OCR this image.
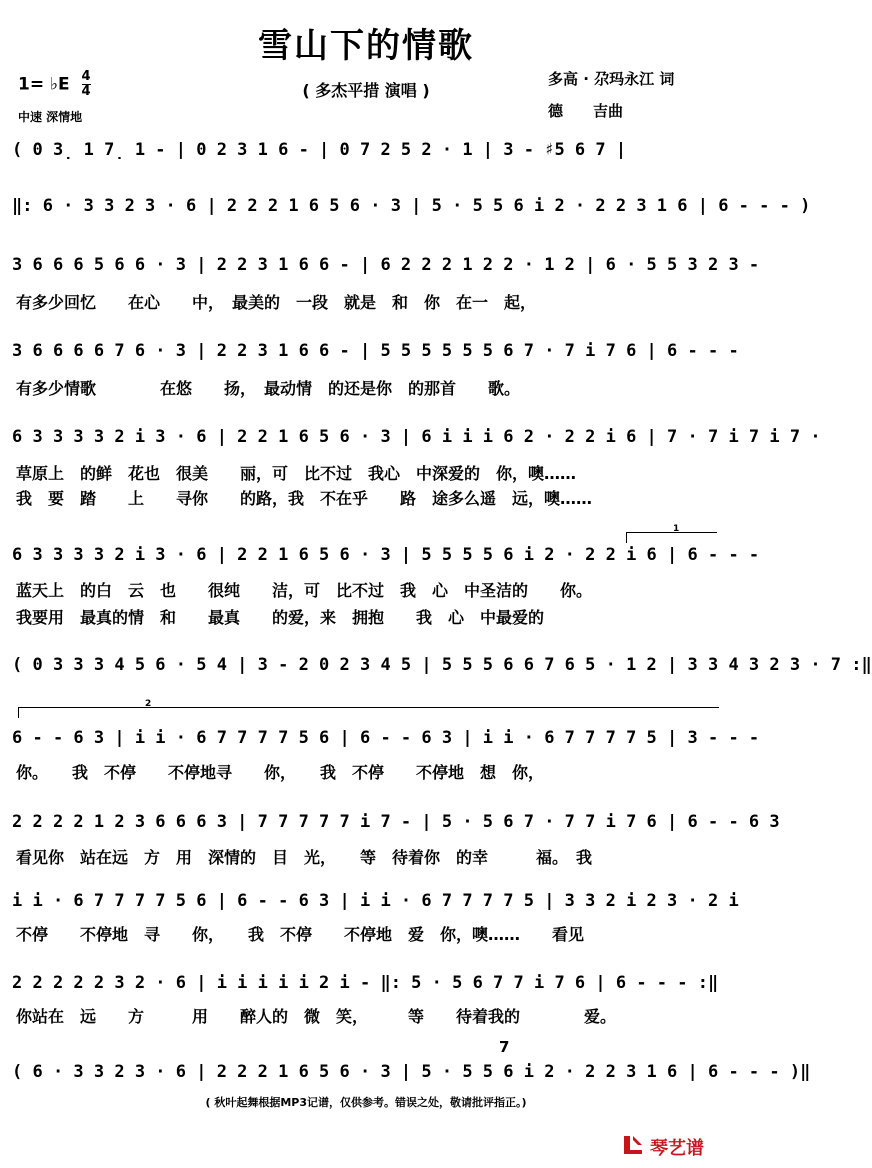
雪山下的情歌
( 多杰平措 演唱 )
1= ♭E $\frac{4}{4}$
中速 深情地
多高 · 尕玛永江 词
德　　吉曲
( 0 3̣ 1 7̣ 1 - | 0 2 3 1 6 - | 0 7 2 5 2 · 1 | 3 - ♯5 6 7 |
‖: 6 · 3 3 2 3 · 6 | 2 2 2 1 6 5 6 · 3 | 5 · 5 5 6 i 2 · 2 2 3 1 6 | 6 - - - )
3 6 6 6 5 6 6 · 3 | 2 2 3 1 6 6 - | 6 2 2 2 1 2 2 · 1 2 | 6 · 5 5 3 2 3 -
有多少回忆　　在心　　中，　最美的　一段　就是　和　你　在一　起，
3 6 6 6 6 7 6 · 3 | 2 2 3 1 6 6 - | 5 5 5 5 5 5 6 7 · 7 i 7 6 | 6 - - -
有多少情歌　　　　在悠　　扬，　最动情　的还是你　的那首　　歌。
6 3 3 3 3 2 i 3 · 6 | 2 2 1 6 5 6 · 3 | 6 i i i 6 2 · 2 2 i 6 | 7 · 7 i 7 i 7 ·
草原上　的鲜　花也　很美　　丽，可　比不过　我心　中深爱的　你，噢……
我　要　踏　　上　　寻你　　的路，我　不在乎　　路　途多么遥　远，噢……
1
6 3 3 3 3 2 i 3 · 6 | 2 2 1 6 5 6 · 3 | 5 5 5 5 6 i 2 · 2 2 i 6 | 6 - - -
蓝天上　的白　云　也　　很纯　　洁，可　比不过　我　心　中圣洁的　　你。
我要用　最真的情　和　　最真　　的爱，来　拥抱　　我　心　中最爱的
( 0 3 3 3 4 5 6 · 5 4 | 3 - 2 0 2 3 4 5 | 5 5 5 6 6 7 6 5 · 1 2 | 3 3 4 3 2 3 · 7 :‖
2
6 - - 6 3 | i i · 6 7 7 7 7 5 6 | 6 - - 6 3 | i i · 6 7 7 7 7 5 | 3 - - -
你。　　我　不停　　不停地寻　　你，　　我　不停　　不停地　想　你，
2 2 2 2 1 2 3 6 6 6 3 | 7 7 7 7 7 i 7 - | 5 · 5 6 7 · 7 7 i 7 6 | 6 - - 6 3
看见你　站在远　方　用　深情的　目　光，　　等　待着你　的幸　　　福。　我
i i · 6 7 7 7 7 5 6 | 6 - - 6 3 | i i · 6 7 7 7 7 5 | 3 3 2 i 2 3 · 2 i
不停　　不停地　寻　　你，　　我　不停　　不停地　爱　你，噢……　　看见
2 2 2 2 2 3 2 · 6 | i i i i i 2 i - ‖: 5 · 5 6 7 7 i 7 6 | 6 - - - :‖
你站在　远　　方　　　用　　醉人的　微　笑，　　　等　　待着我的　　　　爱。
7
( 6 · 3 3 2 3 · 6 | 2 2 2 1 6 5 6 · 3 | 5 · 5 5 6 i 2 · 2 2 3 1 6 | 6 - - - )‖
( 秋叶起舞根据MP3记谱，仅供参考。错误之处，敬请批评指正。)
琴艺谱
